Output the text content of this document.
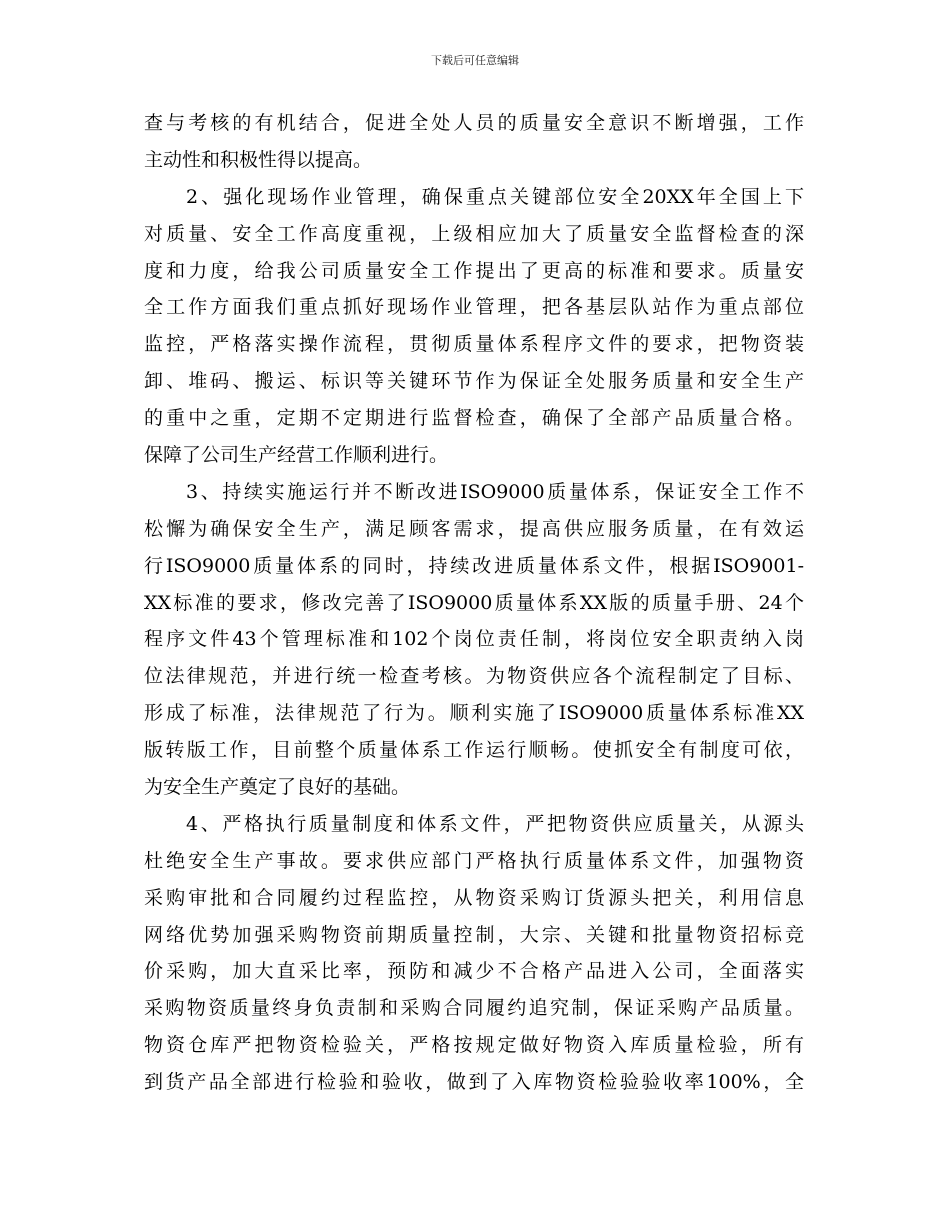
下载后可任意编辑
查与考核的有机结合，促进全处人员的质量安全意识不断增强，工作
主动性和积极性得以提高。
2、强化现场作业管理，确保重点关键部位安全20XX年全国上下
对质量、安全工作高度重视，上级相应加大了质量安全监督检查的深
度和力度，给我公司质量安全工作提出了更高的标准和要求。质量安
全工作方面我们重点抓好现场作业管理，把各基层队站作为重点部位
监控，严格落实操作流程，贯彻质量体系程序文件的要求，把物资装
卸、堆码、搬运、标识等关键环节作为保证全处服务质量和安全生产
的重中之重，定期不定期进行监督检查，确保了全部产品质量合格。
保障了公司生产经营工作顺利进行。
3、持续实施运行并不断改进ISO9000质量体系，保证安全工作不
松懈为确保安全生产，满足顾客需求，提高供应服务质量，在有效运
行ISO9000质量体系的同时，持续改进质量体系文件，根据ISO9001-
XX标准的要求，修改完善了ISO9000质量体系XX版的质量手册、24个
程序文件43个管理标准和102个岗位责任制，将岗位安全职责纳入岗
位法律规范，并进行统一检查考核。为物资供应各个流程制定了目标、
形成了标准，法律规范了行为。顺利实施了ISO9000质量体系标准XX
版转版工作，目前整个质量体系工作运行顺畅。使抓安全有制度可依，
为安全生产奠定了良好的基础。
4、严格执行质量制度和体系文件，严把物资供应质量关，从源头
杜绝安全生产事故。要求供应部门严格执行质量体系文件，加强物资
采购审批和合同履约过程监控，从物资采购订货源头把关，利用信息
网络优势加强采购物资前期质量控制，大宗、关键和批量物资招标竞
价采购，加大直采比率，预防和减少不合格产品进入公司，全面落实
采购物资质量终身负责制和采购合同履约追究制，保证采购产品质量。
物资仓库严把物资检验关，严格按规定做好物资入库质量检验，所有
到货产品全部进行检验和验收，做到了入库物资检验验收率100%，全
